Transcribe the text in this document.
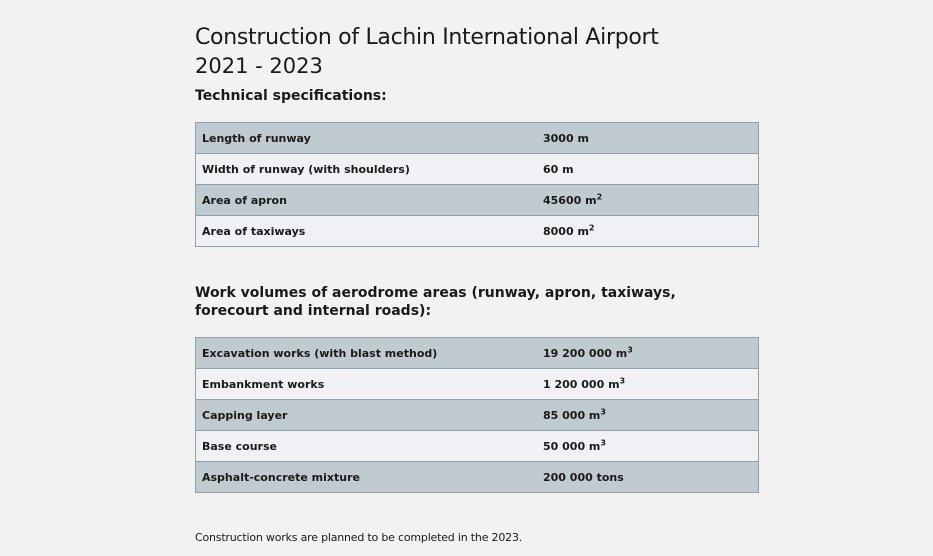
Construction of Lachin International Airport
2021 - 2023
Technical specifications:
Length of runway	3000 m
Width of runway (with shoulders)	60 m
Area of apron	45600 $m^2$
Area of taxiways	8000 $m^2$
Work volumes of aerodrome areas (runway, apron, taxiways, forecourt and internal roads):
Excavation works (with blast method)	19 200 000 $m^3$
Embankment works	1 200 000 $m^3$
Capping layer	85 000 $m^3$
Base course	50 000 $m^3$
Asphalt-concrete mixture	200 000 tons
Construction works are planned to be completed in the 2023.
